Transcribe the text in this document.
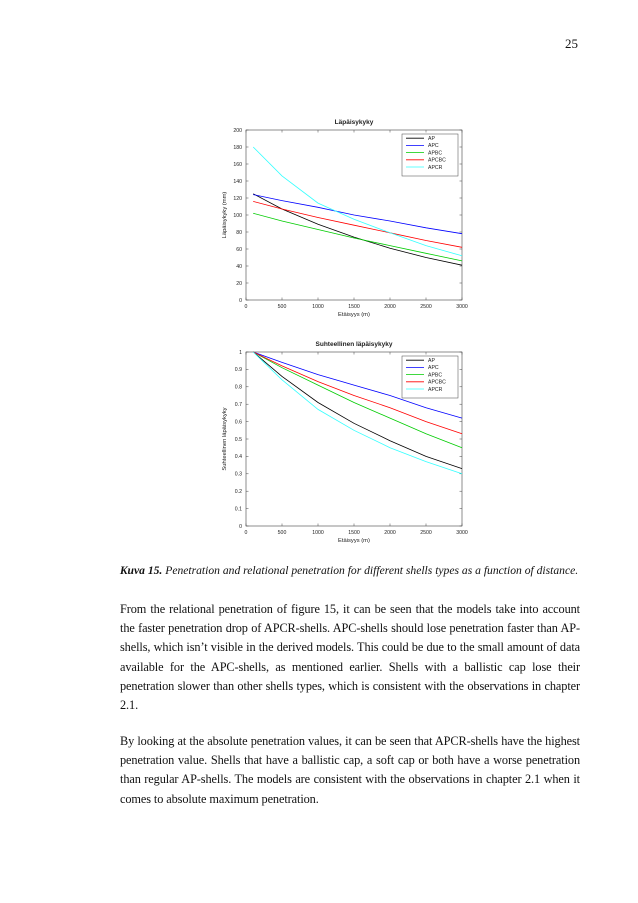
25
Läpäisykyky
0	500	1000	1500	2000	2500	3000
0
20
40
60
80
100
120
140
160
180
200
Etäisyys (m)
Läpäisykyky (mm)
AP
APC
APBC
APCBC
APCR
Suhteellinen läpäisykyky
0	500	1000	1500	2000	2500	3000
0
0.1
0.2
0.3
0.4
0.5
0.6
0.7
0.8
0.9
1
Etäisyys (m)
Suhteellinen läpäisykyky
AP
APC
APBC
APCBC
APCR
Kuva 15. Penetration and relational penetration for different shells types as a function of distance.

From the relational penetration of figure 15, it can be seen that the models take into account the faster penetration drop of APCR-shells. APC-shells should lose penetration faster than AP-shells, which isn’t visible in the derived models. This could be due to the small amount of data available for the APC-shells, as mentioned earlier. Shells with a ballistic cap lose their penetration slower than other shells types, which is consistent with the observations in chapter 2.1.

By looking at the absolute penetration values, it can be seen that APCR-shells have the highest penetration value. Shells that have a ballistic cap, a soft cap or both have a worse penetration than regular AP-shells. The models are consistent with the observations in chapter 2.1 when it comes to absolute maximum penetration.
